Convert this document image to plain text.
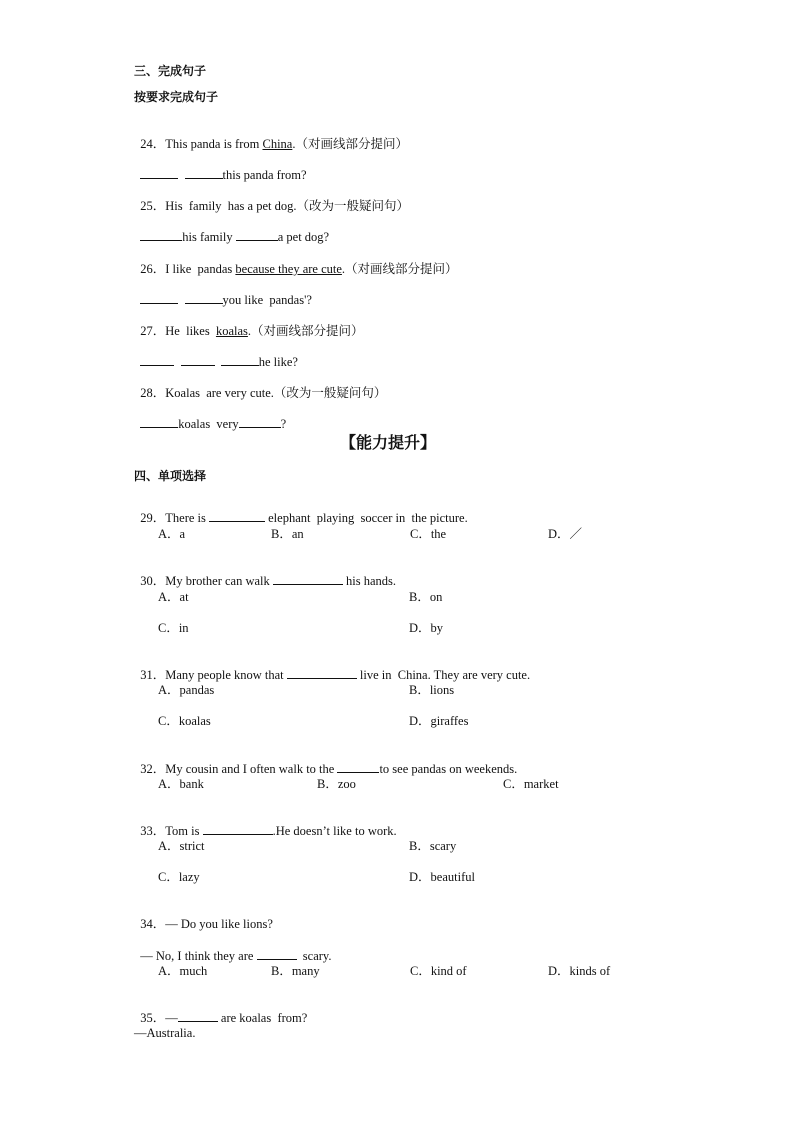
三、完成句子
按要求完成句子

24．This panda is from China.（对画线部分提问）

this panda from?

25．His  family  has a pet dog.（改为一般疑问句）

his family	a pet dog?

26．I like  pandas because they are cute.（对画线部分提问）

you like  pandas'?

27．He  likes  koalas.（对画线部分提问）

he like?

28．Koalas  are very cute.（改为一般疑问句）

koalas  very	?

【能力提升】
四、单项选择

29．There is	elephant  playing  soccer in  the picture.

A．a	B．an	C．the	D．／

30．My brother can walk	his hands.

A．at	B．on
C．in	D．by

31．Many people know that	live in  China. They are very cute.

A．pandas	B．lions
C．koalas	D．giraffes

32．My cousin and I often walk to the	to see pandas on weekends.

A．bank	B．zoo	C．market

33．Tom is	.He doesn’t like to work.

A．strict	B．scary
C．lazy	D．beautiful

34．— Do you like lions?

— No, I think they are	scary.

A．much	B．many	C．kind of	D．kinds of

35．—	are koalas  from?

—Australia.
